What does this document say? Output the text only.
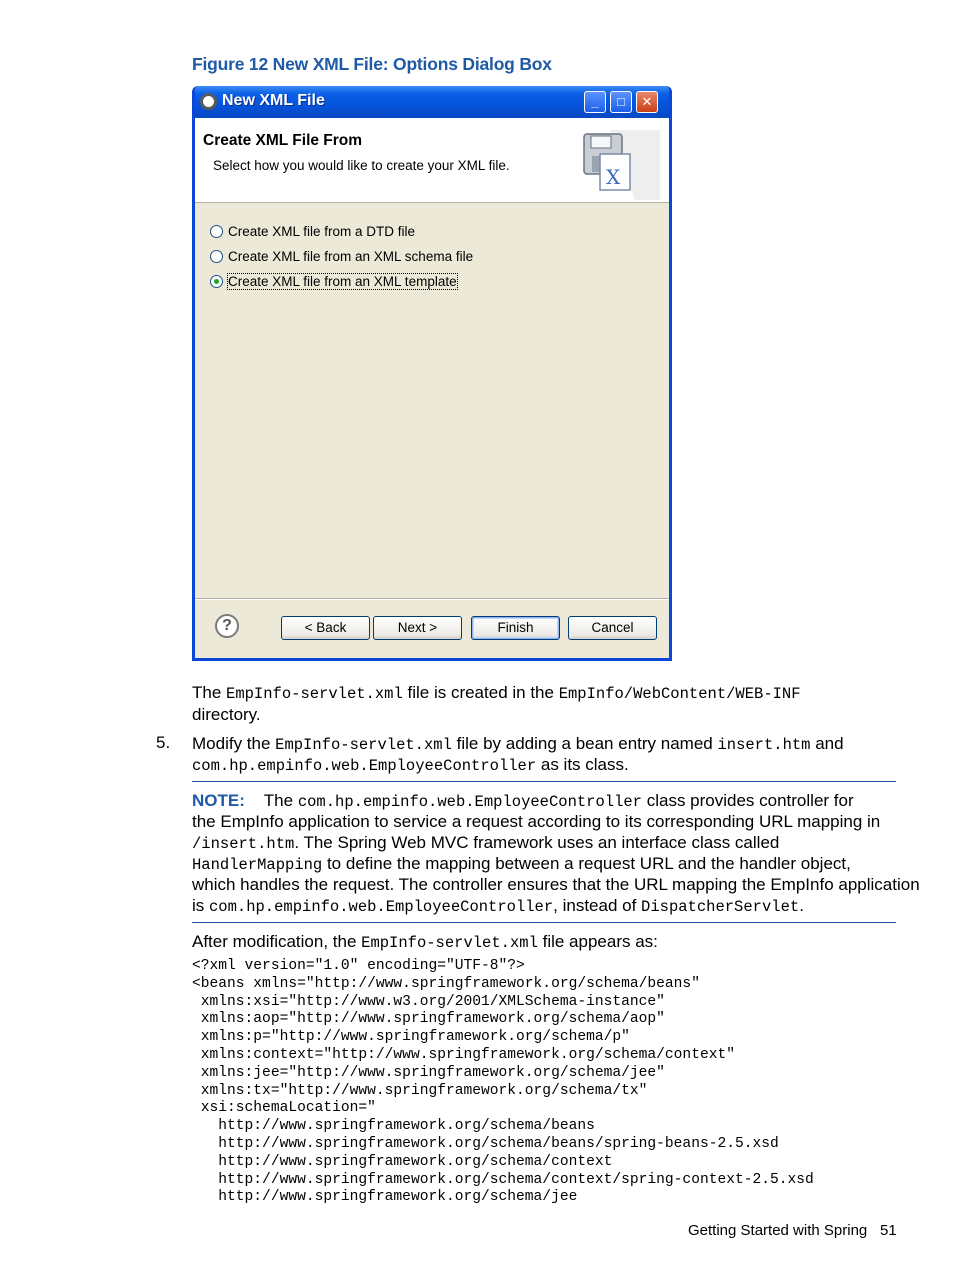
Figure 12 New XML File: Options Dialog Box
New XML File	_	□	✕
Create XML File From
Select how you would like to create your XML file.	X
Create XML file from a DTD file
Create XML file from an XML schema file
Create XML file from an XML template
?	< Back	Next >	Finish	Cancel
The EmpInfo-servlet.xml file is created in the EmpInfo/WebContent/WEB-INF
directory.
5. Modify the EmpInfo-servlet.xml file by adding a bean entry named insert.htm and
com.hp.empinfo.web.EmployeeController as its class.
NOTE: The com.hp.empinfo.web.EmployeeController class provides controller for
the EmpInfo application to service a request according to its corresponding URL mapping in
/insert.htm. The Spring Web MVC framework uses an interface class called
HandlerMapping to define the mapping between a request URL and the handler object,
which handles the request. The controller ensures that the URL mapping the EmpInfo application
is com.hp.empinfo.web.EmployeeController, instead of DispatcherServlet.
After modification, the EmpInfo-servlet.xml file appears as:
<?xml version="1.0" encoding="UTF-8"?>
<beans xmlns="http://www.springframework.org/schema/beans"
xmlns:xsi="http://www.w3.org/2001/XMLSchema-instance"
xmlns:aop="http://www.springframework.org/schema/aop"
xmlns:p="http://www.springframework.org/schema/p"
xmlns:context="http://www.springframework.org/schema/context"
xmlns:jee="http://www.springframework.org/schema/jee"
xmlns:tx="http://www.springframework.org/schema/tx"
xsi:schemaLocation="
http://www.springframework.org/schema/beans
http://www.springframework.org/schema/beans/spring-beans-2.5.xsd
http://www.springframework.org/schema/context
http://www.springframework.org/schema/context/spring-context-2.5.xsd
http://www.springframework.org/schema/jee
Getting Started with Spring 51
